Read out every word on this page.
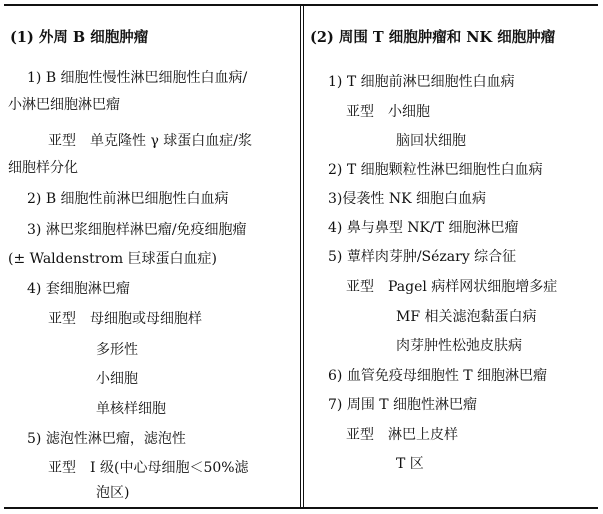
(1) 外周 B 细胞肿瘤
1) B 细胞性慢性淋巴细胞性白血病/
小淋巴细胞淋巴瘤
亚型　单克隆性 γ 球蛋白血症/浆
细胞样分化
2) B 细胞性前淋巴细胞性白血病
3) 淋巴浆细胞样淋巴瘤/免疫细胞瘤
(± Waldenstrom 巨球蛋白血症)
4) 套细胞淋巴瘤
亚型　母细胞或母细胞样
多形性
小细胞
单核样细胞
5) 滤泡性淋巴瘤，滤泡性
亚型　Ⅰ 级(中心母细胞＜50%滤
泡区)
(2) 周围 T 细胞肿瘤和 NK 细胞肿瘤
1) T 细胞前淋巴细胞性白血病
亚型　小细胞
脑回状细胞
2) T 细胞颗粒性淋巴细胞性白血病
3)侵袭性 NK 细胞白血病
4) 鼻与鼻型 NK/T 细胞淋巴瘤
5) 蕈样肉芽肿/Sézary 综合征
亚型　Pagel 病样网状细胞增多症
MF 相关滤泡黏蛋白病
肉芽肿性松弛皮肤病
6) 血管免疫母细胞性 T 细胞淋巴瘤
7) 周围 T 细胞性淋巴瘤
亚型　淋巴上皮样
T 区
